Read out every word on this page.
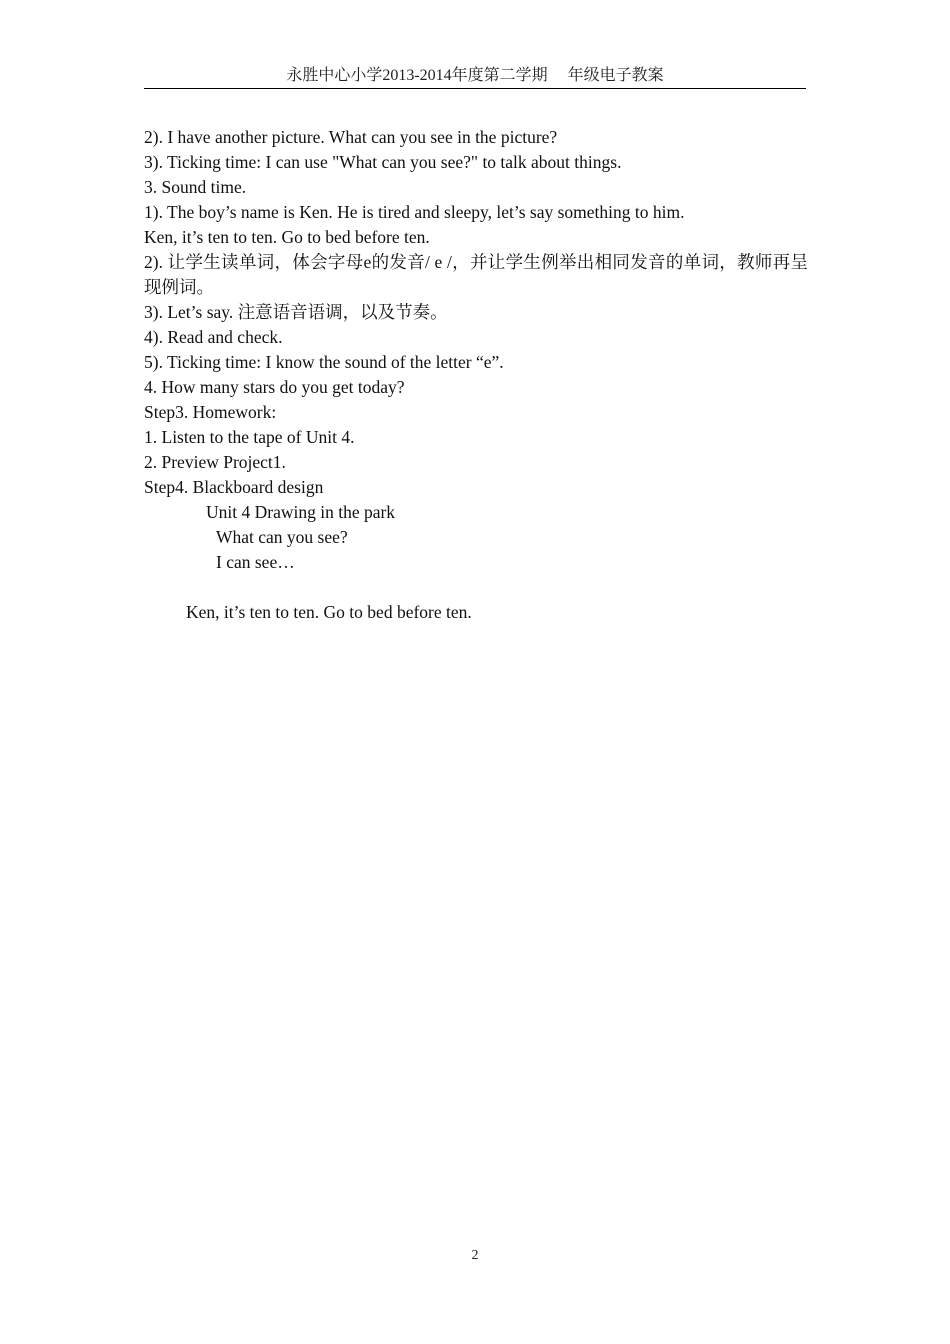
永胜中心小学2013-2014年度第二学期     年级电子教案
2). I have another picture. What can you see in the picture?
3). Ticking time: I can use "What can you see?" to talk about things.
3. Sound time.
1). The boy’s name is Ken. He is tired and sleepy, let’s say something to him.
Ken, it’s ten to ten. Go to bed before ten.
2). 让学生读单词，体会字母e的发音/ e /，并让学生例举出相同发音的单词，教师再呈现例词。
3). Let’s say. 注意语音语调，以及节奏。
4). Read and check.
5). Ticking time: I know the sound of the letter “e”.
4. How many stars do you get today?
Step3. Homework:
1. Listen to the tape of Unit 4.
2. Preview Project1.
Step4. Blackboard design
Unit 4 Drawing in the park
What can you see?
I can see…
Ken, it’s ten to ten. Go to bed before ten.
2
